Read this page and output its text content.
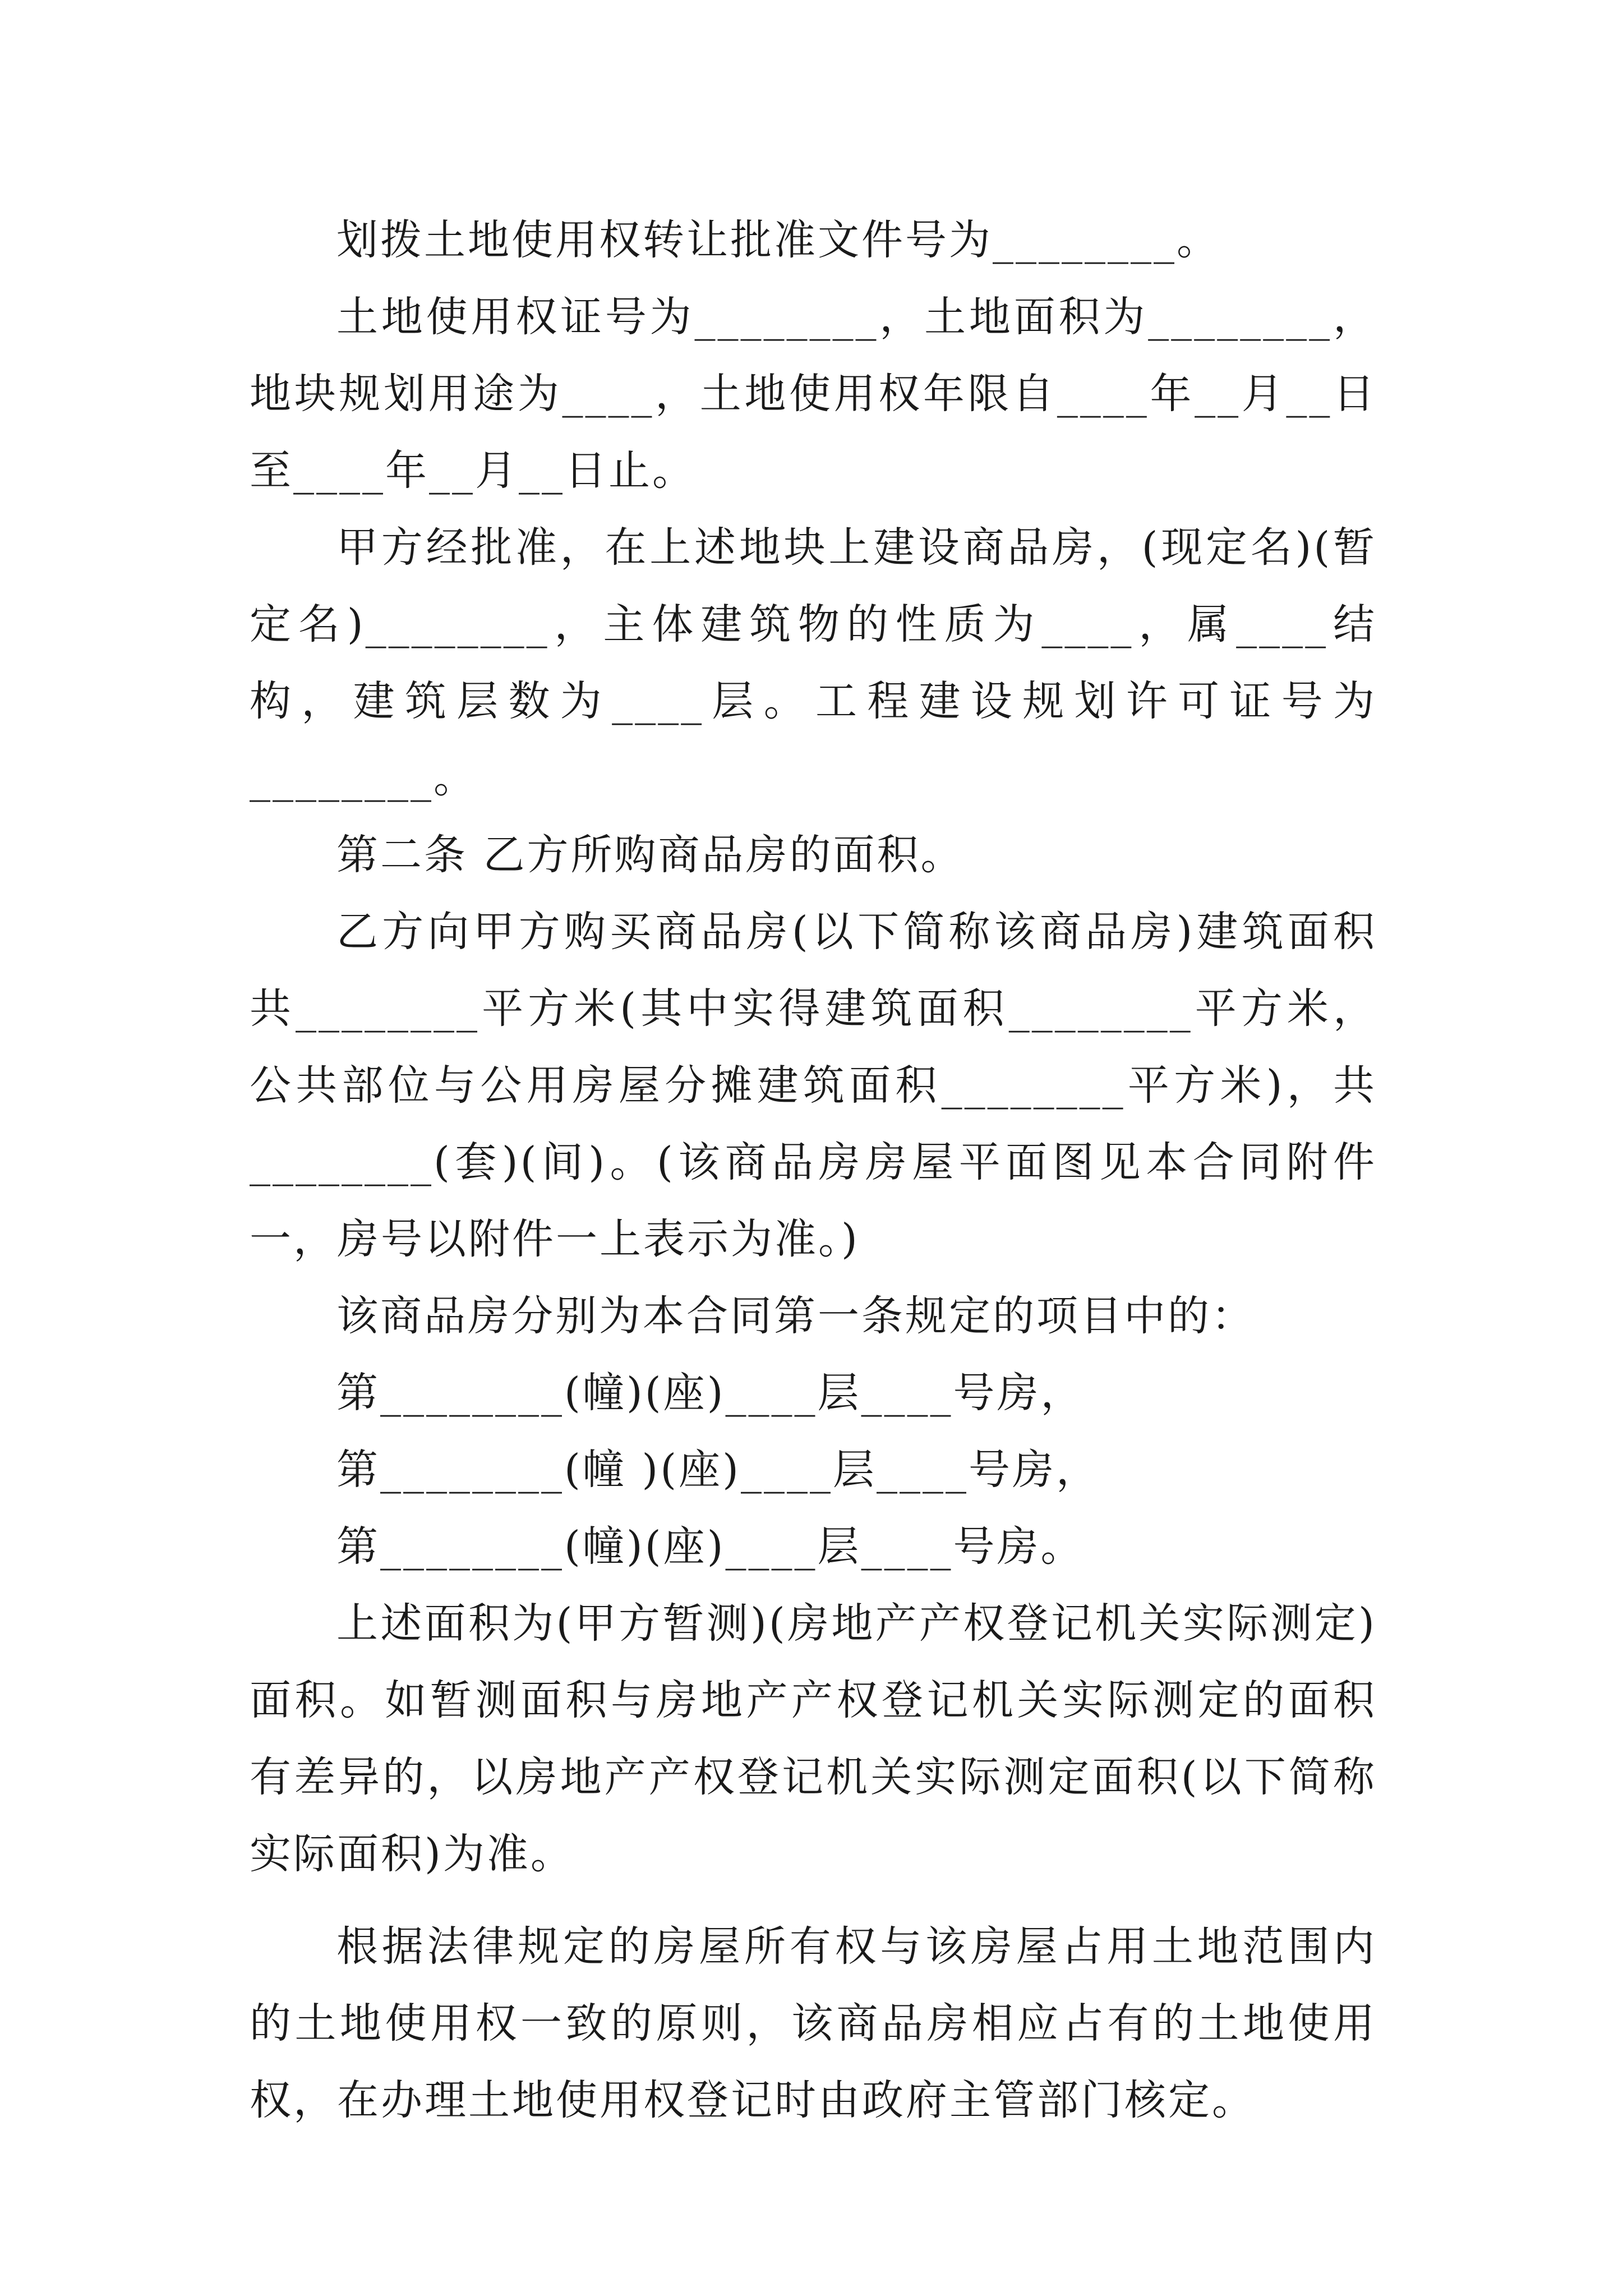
划拨土地使用权转让批准文件号为________。

土地使用权证号为________，土地面积为________，地块规划用途为____，土地使用权年限自____年__月__日至____年__月__日止。

甲方经批准，在上述地块上建设商品房，(现定名)(暂定名)________，主体建筑物的性质为____，属____结构，建筑层数为____层。工程建设规划许可证号为________。

第二条 乙方所购商品房的面积。

乙方向甲方购买商品房(以下简称该商品房)建筑面积共________平方米(其中实得建筑面积________平方米，公共部位与公用房屋分摊建筑面积________平方米)，共________(套)(间)。(该商品房房屋平面图见本合同附件一，房号以附件一上表示为准。)

该商品房分别为本合同第一条规定的项目中的：

第________(幢)(座)____层____号房，

第________(幢 )(座)____层____号房，

第________(幢)(座)____层____号房。

上述面积为(甲方暂测)(房地产产权登记机关实际测定)面积。如暂测面积与房地产产权登记机关实际测定的面积有差异的，以房地产产权登记机关实际测定面积(以下简称实际面积)为准。

根据法律规定的房屋所有权与该房屋占用土地范围内的土地使用权一致的原则，该商品房相应占有的土地使用权，在办理土地使用权登记时由政府主管部门核定。
